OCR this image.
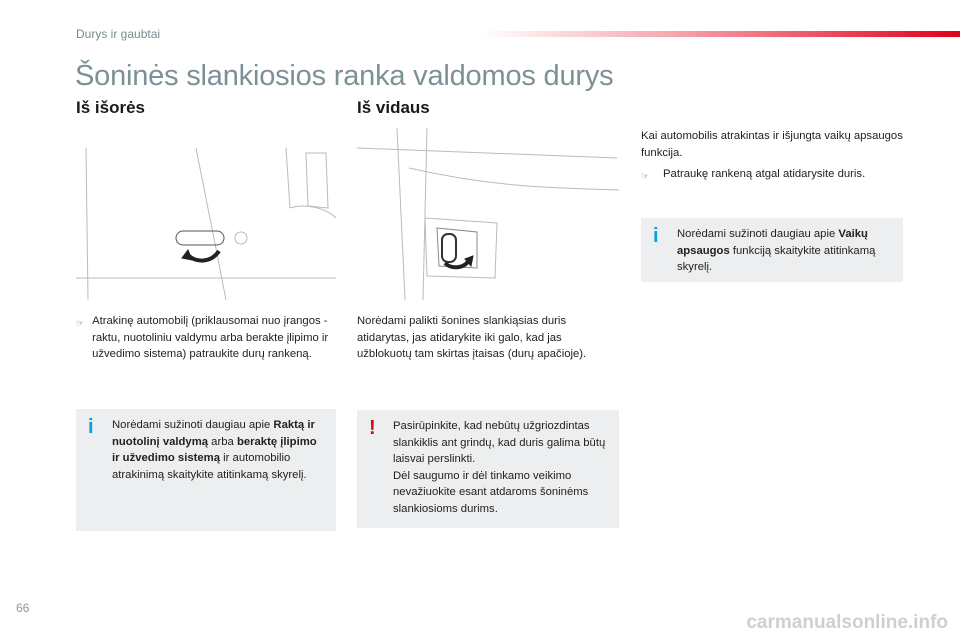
Durys ir gaubtai
Šoninės slankiosios ranka valdomos durys
Iš išorės	Iš vidaus
☞ Atrakinę automobilį (priklausomai nuo įrangos - raktu, nuotoliniu valdymu arba berakte įlipimo ir užvedimo sistema) patraukite durų rankeną.
i Norėdami sužinoti daugiau apie Raktą ir nuotolinį valdymą arba beraktę įlipimo ir užvedimo sistemą ir automobilio atrakinimą skaitykite atitinkamą skyrelį.
Norėdami palikti šonines slankiąsias duris atidarytas, jas atidarykite iki galo, kad jas užblokuotų tam skirtas įtaisas (durų apačioje).
! Pasirūpinkite, kad nebūtų užgriozdintas slankiklis ant grindų, kad duris galima būtų laisvai perslinkti.
Dėl saugumo ir dėl tinkamo veikimo nevažiuokite esant atdaroms šoninėms slankiosioms durims.
Kai automobilis atrakintas ir išjungta vaikų apsaugos funkcija.
☞	Patraukę rankeną atgal atidarysite duris.
i Norėdami sužinoti daugiau apie Vaikų apsaugos funkciją skaitykite atitinkamą skyrelį.
66
carmanualsonline.info
